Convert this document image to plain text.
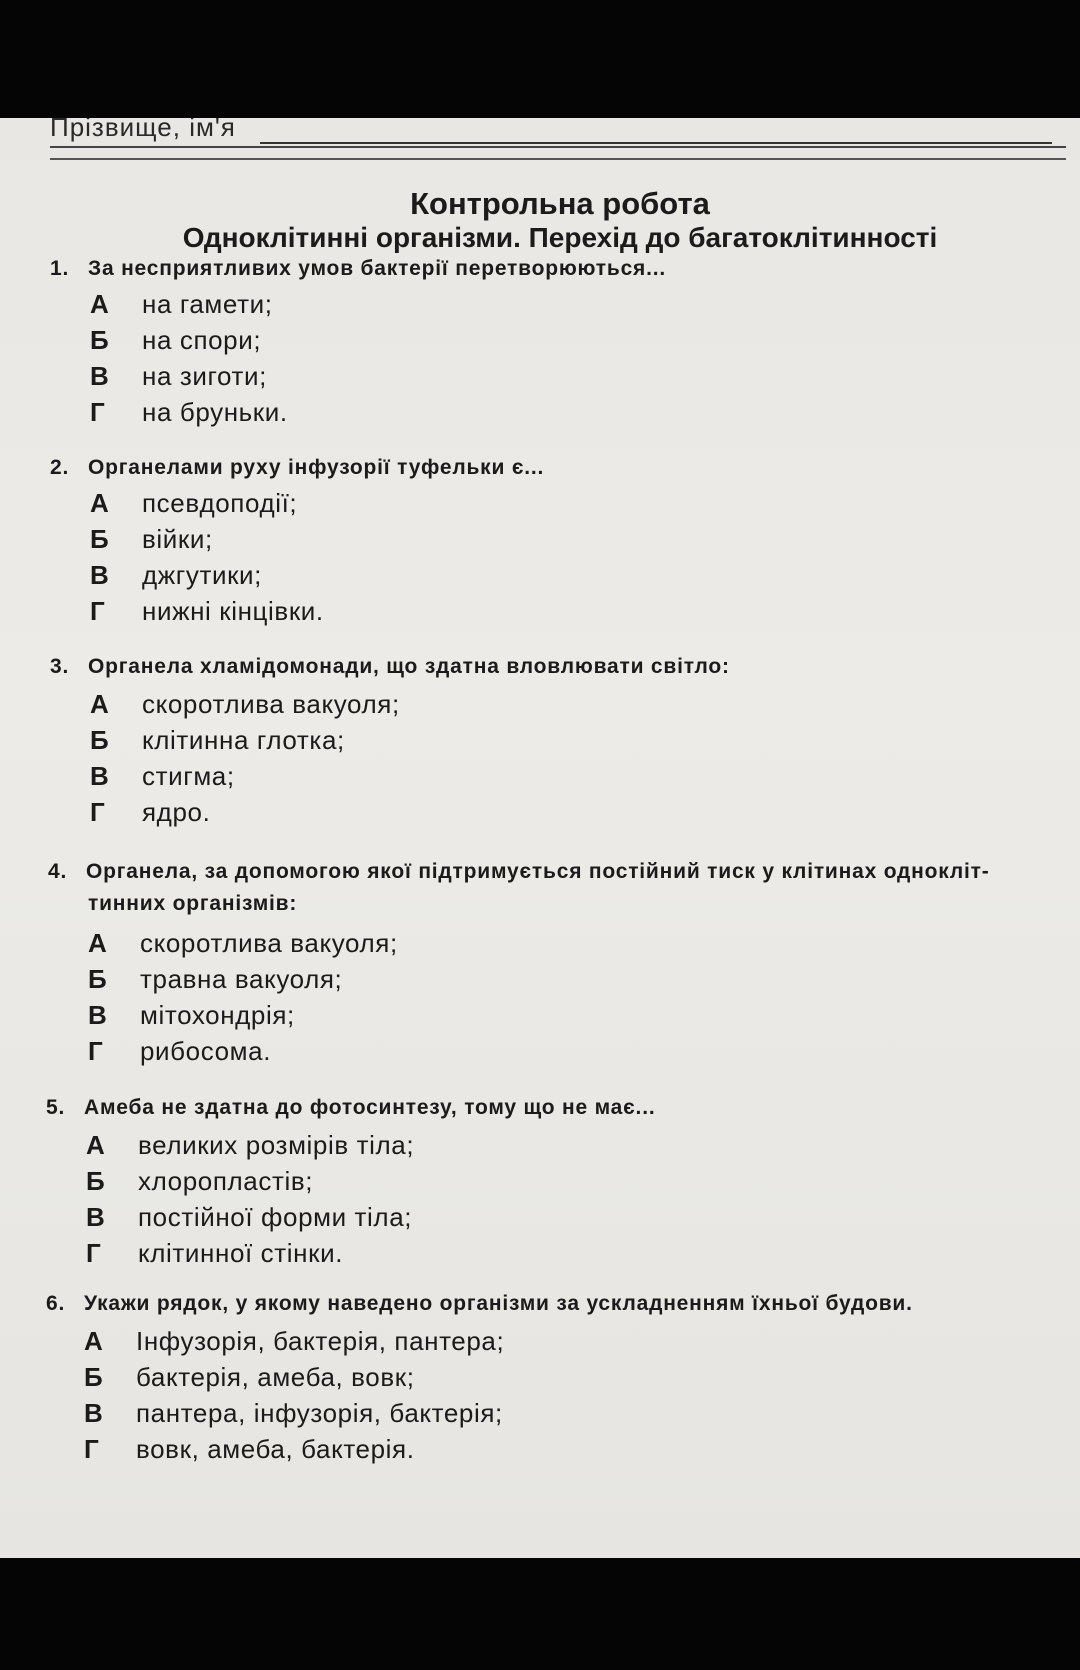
Прізвище, ім'я
Контрольна робота
Одноклітинні організми. Перехід до багатоклітинності
1. За несприятливих умов бактерії перетворюються...
А на гамети;
Б на спори;
В на зиготи;
Г на бруньки.
2. Органелами руху інфузорії туфельки є...
А псевдоподії;
Б війки;
В джгутики;
Г нижні кінцівки.
3. Органела хламідомонади, що здатна вловлювати світло:
А скоротлива вакуоля;
Б клітинна глотка;
В стигма;
Г ядро.
4. Органела, за допомогою якої підтримується постійний тиск у клітинах однокліт-
тинних організмів:
А скоротлива вакуоля;
Б травна вакуоля;
В мітохондрія;
Г рибосома.
5. Амеба не здатна до фотосинтезу, тому що не має...
А великих розмірів тіла;
Б хлоропластів;
В постійної форми тіла;
Г клітинної стінки.
6. Укажи рядок, у якому наведено організми за ускладненням їхньої будови.
А Інфузорія, бактерія, пантера;
Б бактерія, амеба, вовк;
В пантера, інфузорія, бактерія;
Г вовк, амеба, бактерія.
